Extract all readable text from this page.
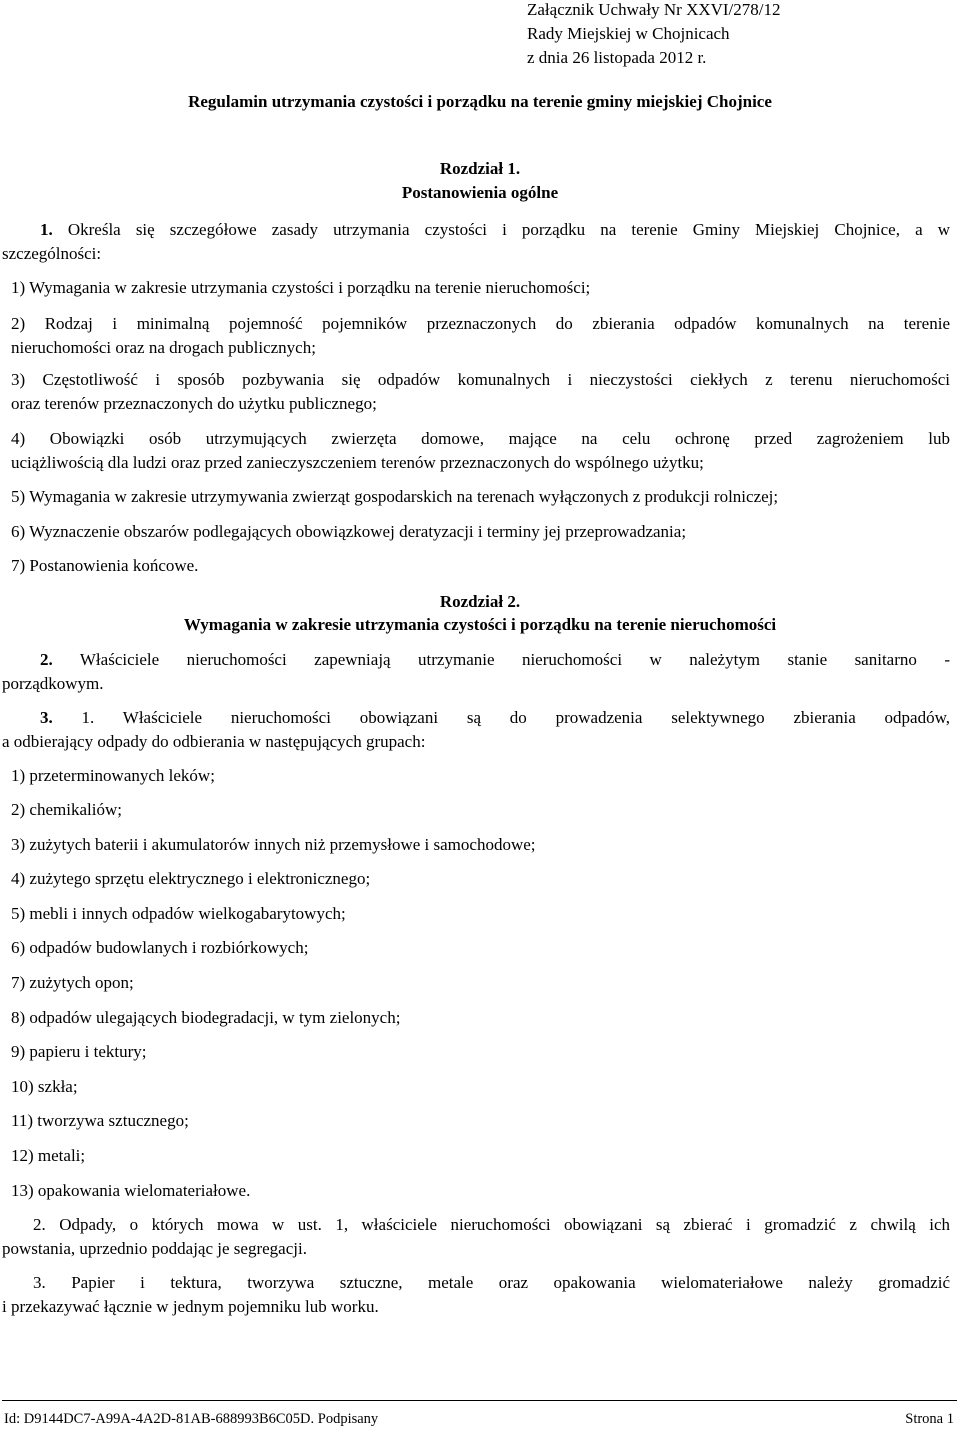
Załącznik Uchwały Nr XXVI/278/12
Rady Miejskiej w Chojnicach
z dnia 26 listopada 2012 r.
Regulamin utrzymania czystości i porządku na terenie gminy miejskiej Chojnice
Rozdział 1.
Postanowienia ogólne
1. Określa się szczegółowe zasady utrzymania czystości i porządku na terenie Gminy Miejskiej Chojnice, a w
szczególności:
1) Wymagania w zakresie utrzymania czystości i porządku na terenie nieruchomości;
2) Rodzaj i minimalną pojemność pojemników przeznaczonych do zbierania odpadów komunalnych na terenie
nieruchomości oraz na drogach publicznych;
3) Częstotliwość i sposób pozbywania się odpadów komunalnych i nieczystości ciekłych z terenu nieruchomości
oraz terenów przeznaczonych do użytku publicznego;
4) Obowiązki osób utrzymujących zwierzęta domowe, mające na celu ochronę przed zagrożeniem lub
uciążliwością dla ludzi oraz przed zanieczyszczeniem terenów przeznaczonych do wspólnego użytku;
5) Wymagania w zakresie utrzymywania zwierząt gospodarskich na terenach wyłączonych z produkcji rolniczej;
6) Wyznaczenie obszarów podlegających obowiązkowej deratyzacji i terminy jej przeprowadzania;
7) Postanowienia końcowe.
Rozdział 2.
Wymagania w zakresie utrzymania czystości i porządku na terenie nieruchomości
2. Właściciele nieruchomości zapewniają utrzymanie nieruchomości w należytym stanie sanitarno -
porządkowym.
3. 1. Właściciele nieruchomości obowiązani są do prowadzenia selektywnego zbierania odpadów,
a odbierający odpady do odbierania w następujących grupach:
1) przeterminowanych leków;
2) chemikaliów;
3) zużytych baterii i akumulatorów innych niż przemysłowe i samochodowe;
4) zużytego sprzętu elektrycznego i elektronicznego;
5) mebli i innych odpadów wielkogabarytowych;
6) odpadów budowlanych i rozbiórkowych;
7) zużytych opon;
8) odpadów ulegających biodegradacji, w tym zielonych;
9) papieru i tektury;
10) szkła;
11) tworzywa sztucznego;
12) metali;
13) opakowania wielomateriałowe.
2. Odpady, o których mowa w ust. 1, właściciele nieruchomości obowiązani są zbierać i gromadzić z chwilą ich
powstania, uprzednio poddając je segregacji.
3. Papier i tektura, tworzywa sztuczne, metale oraz opakowania wielomateriałowe należy gromadzić
i przekazywać łącznie w jednym pojemniku lub worku.
Id: D9144DC7-A99A-4A2D-81AB-688993B6C05D. Podpisany	Strona 1
